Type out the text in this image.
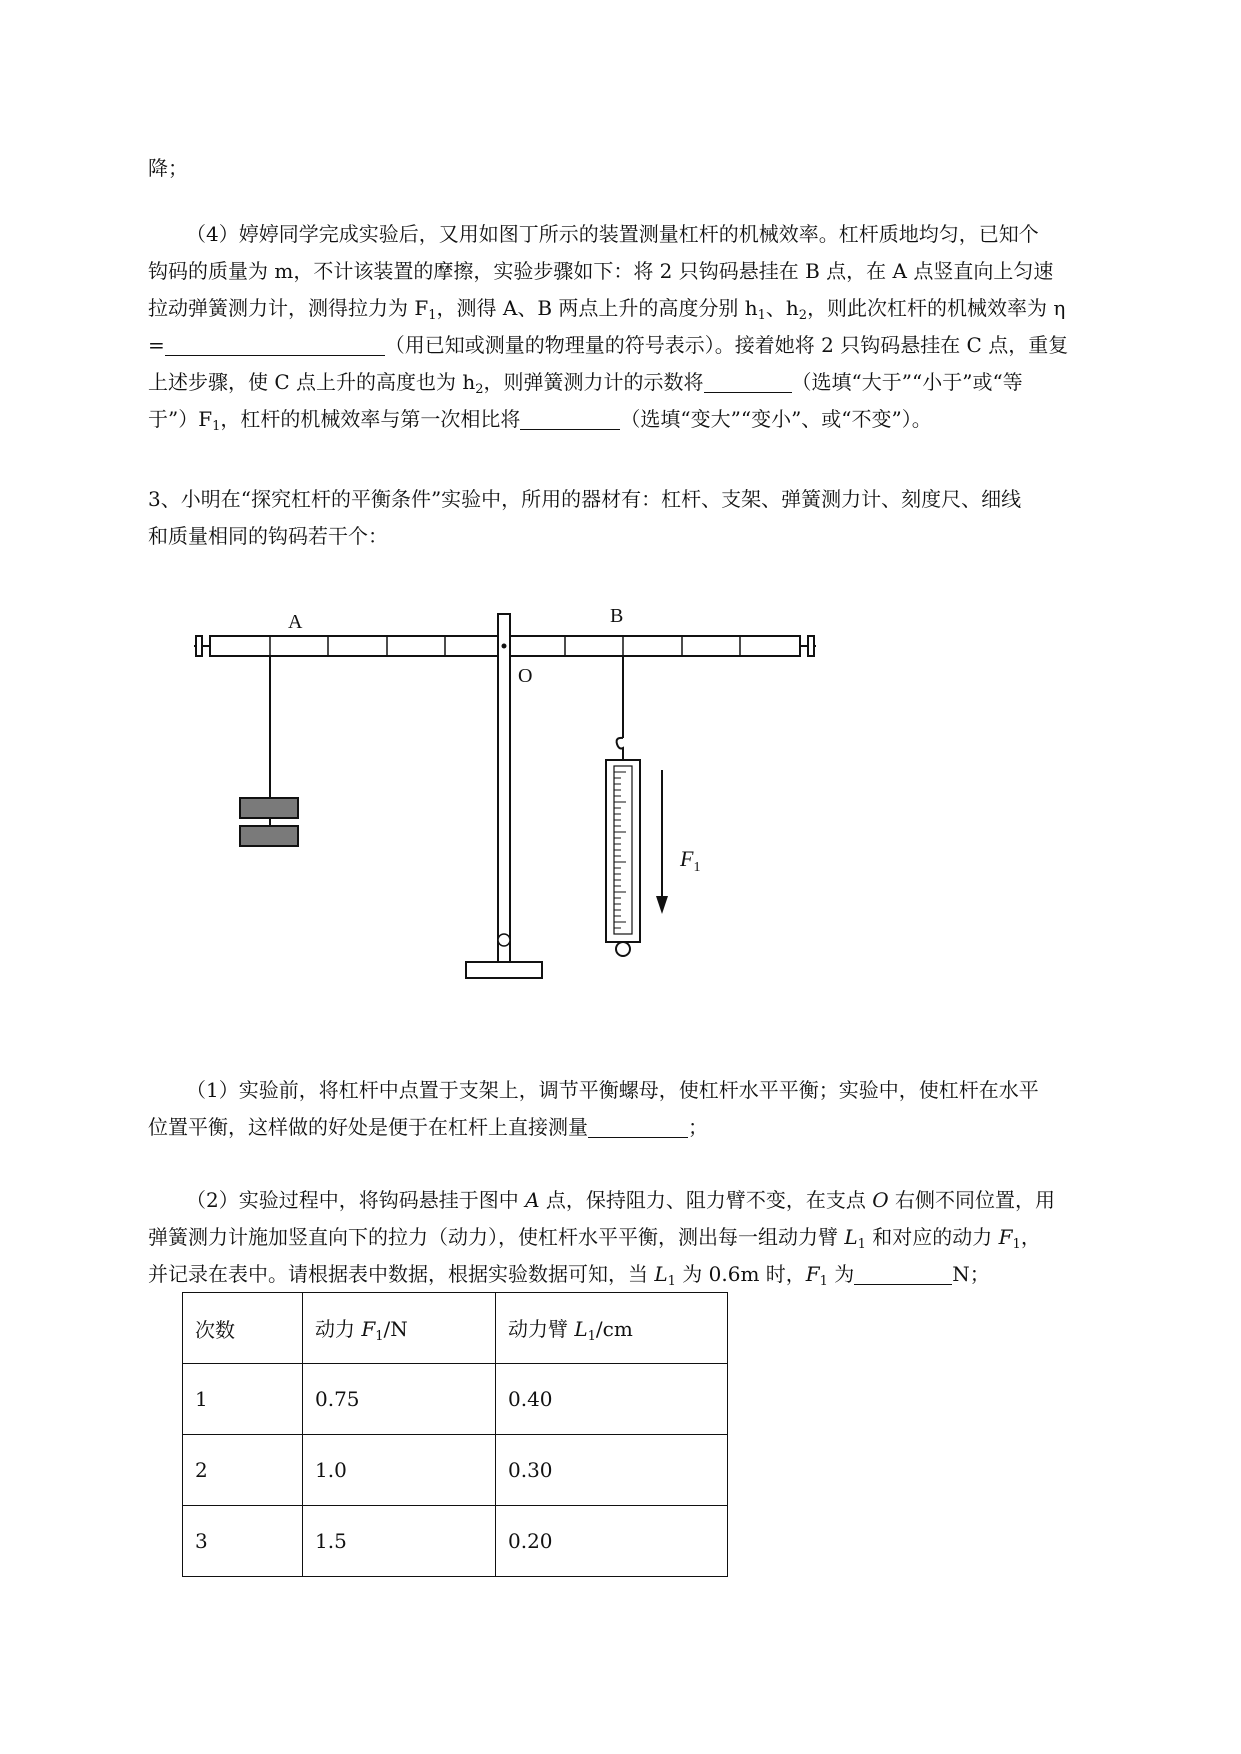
降；

（4）婷婷同学完成实验后，又用如图丁所示的装置测量杠杆的机械效率。杠杆质地均匀，已知个

钩码的质量为 m，不计该装置的摩擦，实验步骤如下：将 2 只钩码悬挂在 B 点，在 A 点竖直向上匀速

拉动弹簧测力计，测得拉力为 $F_1$，测得 A、B 两点上升的高度分别 $h_1$、$h_2$，则此次杠杆的机械效率为 η

=	（用已知或测量的物理量的符号表示）。接着她将 2 只钩码悬挂在 C 点，重复

上述步骤，使 C 点上升的高度也为 $h_2$，则弹簧测力计的示数将	（选填“大于”“小于”或“等

于$”)F_1$，杠杆的机械效率与第一次相比将	（选填“变大”“变小”、或“不变”）。

3、小明在“探究杠杆的平衡条件”实验中，所用的器材有：杠杆、支架、弹簧测力计、刻度尺、细线

和质量相同的钩码若干个：

A	B
O
$F_1$

（1）实验前，将杠杆中点置于支架上，调节平衡螺母，使杠杆水平平衡；实验中，使杠杆在水平

位置平衡，这样做的好处是便于在杠杆上直接测量	；

（2）实验过程中，将钩码悬挂于图中 A 点，保持阻力、阻力臂不变，在支点 O 右侧不同位置，用

弹簧测力计施加竖直向下的拉力（动力），使杠杆水平平衡，测出每一组动力臂 $L_1$ 和对应的动力 $F_1$，

并记录在表中。请根据表中数据，根据实验数据可知，当 $L_1$ 为 0.6m 时，$F_1$ 为	N；

次数	动力 $F_1/N$	动力臂 $L_1/cm$
1	0.75	0.40
2	1.0	0.30
3	1.5	0.20
